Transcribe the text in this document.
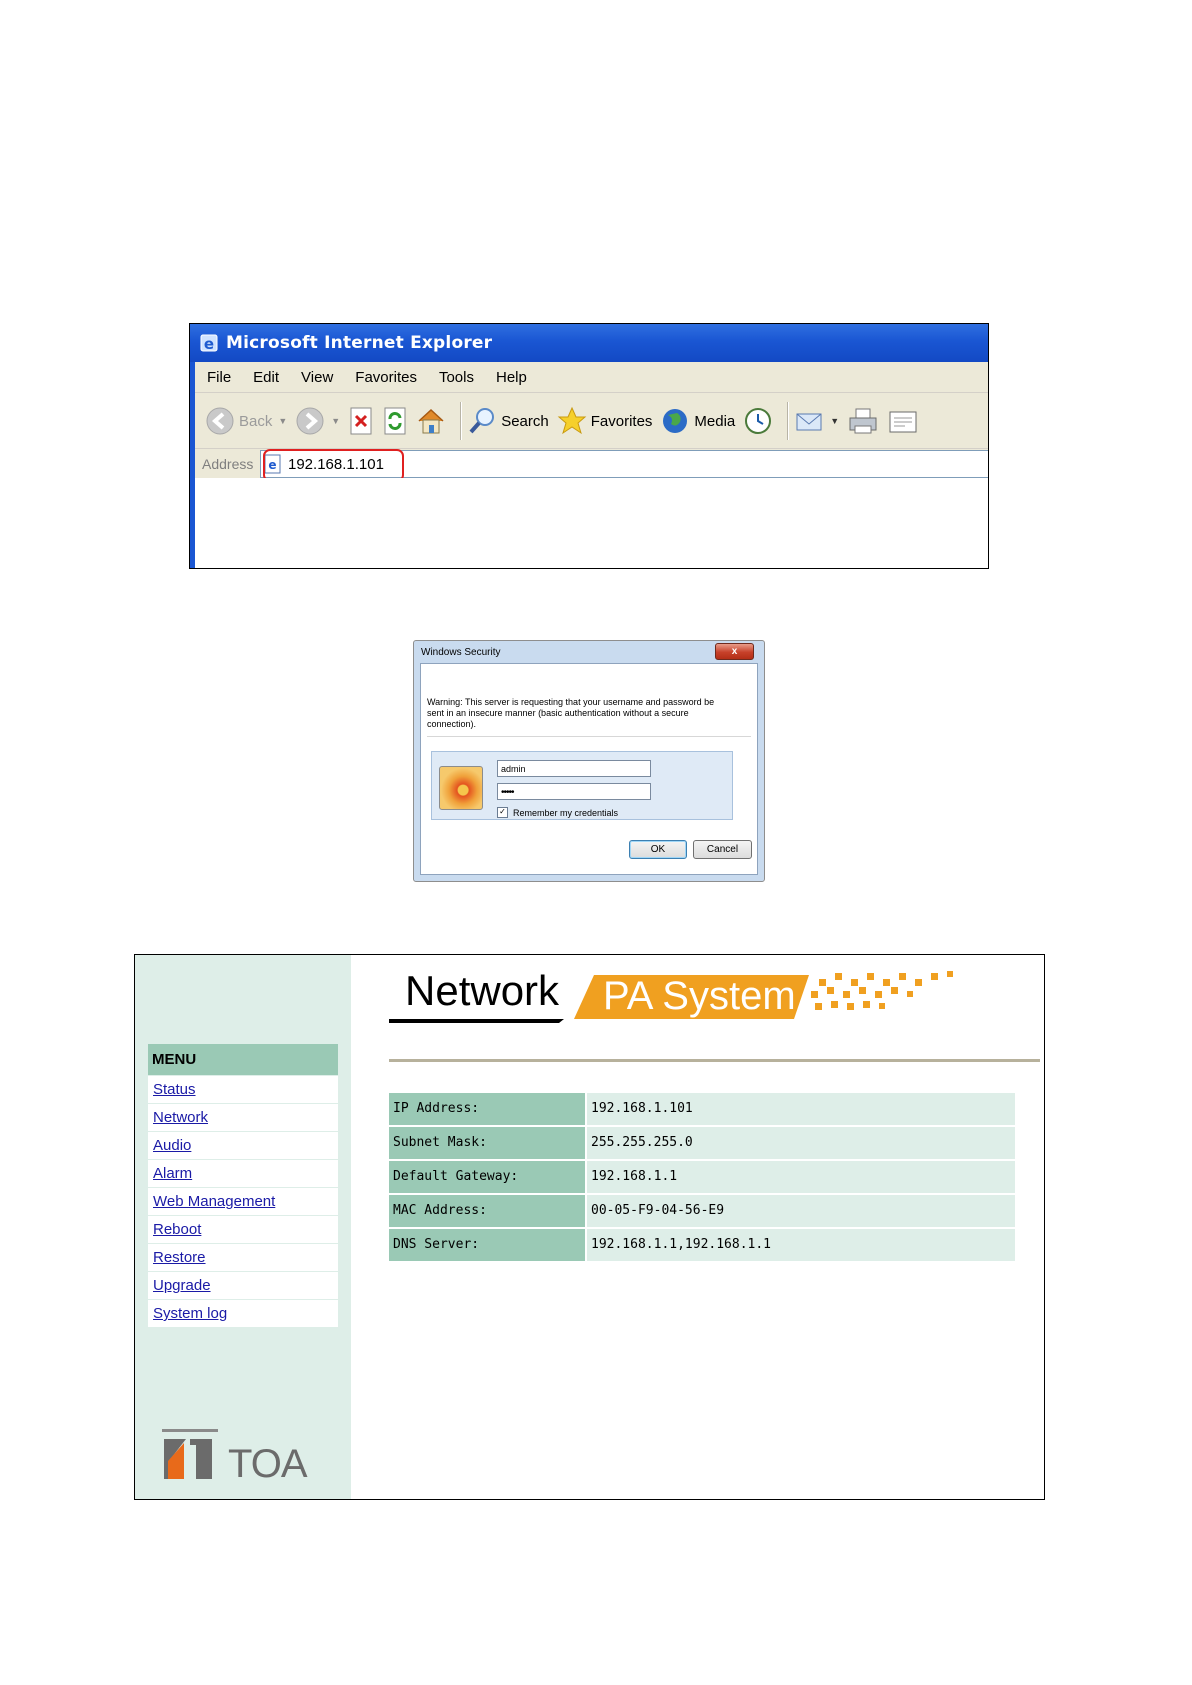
e Microsoft Internet Explorer
File	Edit	View	Favorites	Tools	Help
Back ▼	▼	Search	Favorites	Media	▼
Address	e 192.168.1.101
Windows Security	x
Warning: This server is requesting that your username and password be sent in an insecure manner (basic authentication without a secure connection).
admin
•••••
✓ Remember my credentials
OK	Cancel
MENU
Status
Network
Audio
Alarm
Web Management
Reboot
Restore
Upgrade
System log
TOA
Network PA System
IP Address:	192.168.1.101
Subnet Mask:	255.255.255.0
Default Gateway:	192.168.1.1
MAC Address:	00-05-F9-04-56-E9
DNS Server:	192.168.1.1,192.168.1.1
